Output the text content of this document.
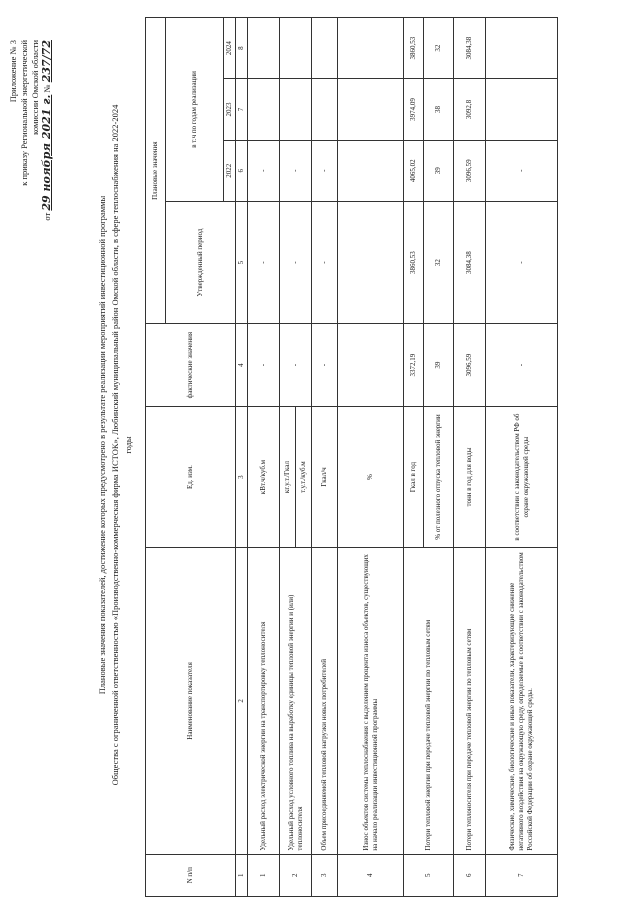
Приложение № 3 к приказу Региональной энергетической комиссии Омской области
от 29 ноября 2021 г. № 237/72
Плановые значения показателей, достижение которых предусмотрено в результате реализации мероприятий инвестиционной программы Общества с ограниченной ответственностью «Производственно-коммерческая фирма ИСТОК», Любинский муниципальный район Омской области, в сфере теплоснабжения на 2022-2024 годы
N п/п	Наименование показателя	Ед. изм.	фактические значения	Плановые значения			
				Утвержденный период	в т.ч по годам реализации		
					2022	2023	2024
1	2	3	4	5	6	7	8
1	Удельный расход электрической энергии на транспортировку теплоносителя	кВт.ч/куб.м	-	-	-		
2	Удельный расход условного топлива на выработку единицы тепловой энергии и (или) теплоносителя	кг.у.т./Гкал	-	-	-		
		т.у.т./куб.м					
3	Объем присоединяемой тепловой нагрузки новых потребителей	Гкал/ч	-	-	-		
4	Износ объектов системы теплоснабжения с выделением процента износа объектов, существующих на начало реализации инвестиционной программы	%					
5	Потери тепловой энергии при передаче тепловой энергии по тепловым сетям	Гкал в год	3372,19	3860,53	4065,02	3974,09	3860,53
		% от полезного отпуска тепловой энергии	39	32	39	38	32
6	Потери теплоносителя при передаче тепловой энергии по тепловым сетям	тонн в год для воды	3096,59	3084,38	3096,59	3092,8	3084,38
7	Физические, химические, биологические и иные показатели, характеризующие снижение негативного воздействия на окружающую среду, определяемые в соответствии с законодательством Российской Федерации об охране окружающей среды.	в соответствии с законодательством РФ об охране окружающей среды	-	-	-		
